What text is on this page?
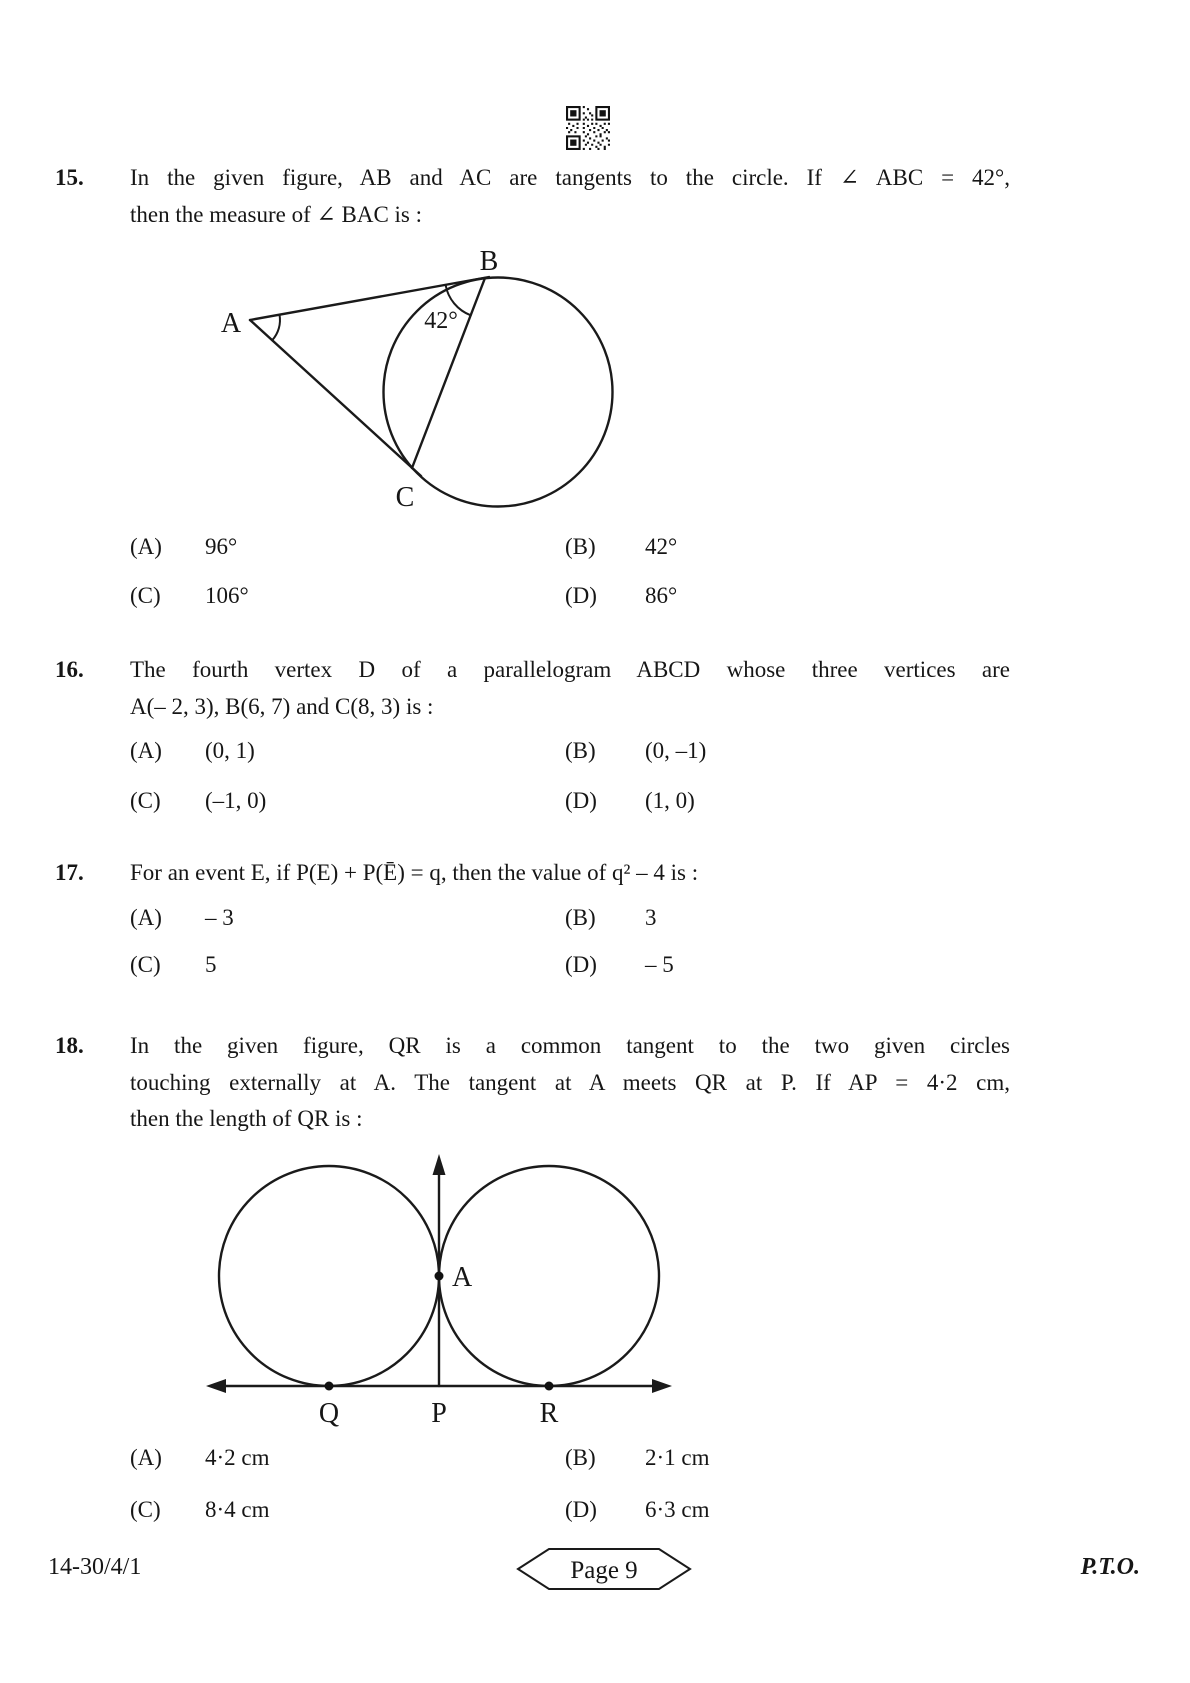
15. In the given figure, AB and AC are tangents to the circle. If ∠ ABC = 42°,
then the measure of ∠ BAC is :
A
B
C
42°
(A) 96°	(B) 42°
(C) 106°	(D) 86°
16. The fourth vertex D of a parallelogram ABCD whose three vertices are
A(– 2, 3), B(6, 7) and C(8, 3) is :
(A) (0, 1)	(B) (0, –1)
(C) (–1, 0)	(D) (1, 0)
17. For an event E, if P(E) + P(Ē) = q, then the value of q² – 4 is :
(A) – 3	(B) 3
(C) 5	(D) – 5
18. In the given figure, QR is a common tangent to the two given circles
touching externally at A. The tangent at A meets QR at P. If AP = 4·2 cm,
then the length of QR is :
A
Q	P	R
(A) 4·2 cm	(B) 2·1 cm
(C) 8·4 cm	(D) 6·3 cm
14-30/4/1	Page 9	P.T.O.
